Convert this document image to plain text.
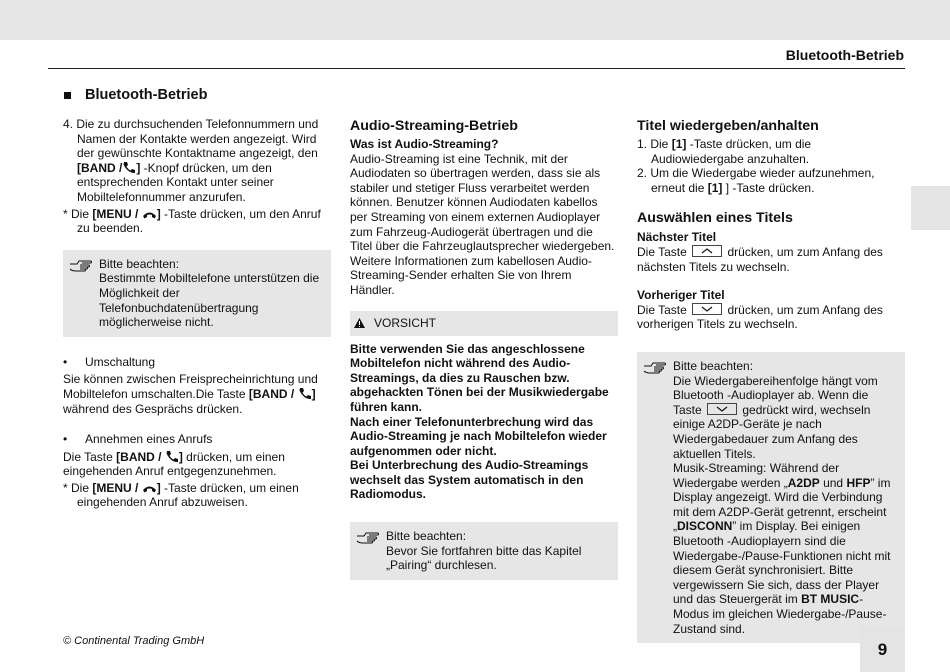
Bluetooth-Betrieb
Bluetooth-Betrieb

4. Die zu durchsuchenden Telefonnummern und Namen der Kontakte werden angezeigt. Wird der gewünschte Kontaktname angezeigt, den [BAND / ] -Knopf drücken, um den entsprechenden Kontakt unter seiner Mobiltelefonnummer anzurufen.

* Die [MENU / ] -Taste drücken, um den Anruf zu beenden.

Bitte beachten:

Bestimmte Mobiltelefone unterstützen die Möglichkeit der Telefonbuchdatenübertragung möglicherweise nicht.

• Umschaltung

Sie können zwischen Freisprecheinrichtung und Mobiltelefon umschalten.Die Taste [BAND / ] während des Gesprächs drücken.

• Annehmen eines Anrufs

Die Taste [BAND / ] drücken, um einen eingehenden Anruf entgegenzunehmen.

* Die [MENU / ] -Taste drücken, um einen eingehenden Anruf abzuweisen.

Audio-Streaming-Betrieb

Was ist Audio-Streaming?

Audio-Streaming ist eine Technik, mit der Audiodaten so übertragen werden, dass sie als stabiler und stetiger Fluss verarbeitet werden können. Benutzer können Audiodaten kabellos per Streaming von einem externen Audioplayer zum Fahrzeug-Audiogerät übertragen und die Titel über die Fahrzeuglautsprecher wiedergeben. Weitere Informationen zum kabellosen Audio-Streaming-Sender erhalten Sie von Ihrem Händler.

VORSICHT

Bitte verwenden Sie das angeschlossene Mobiltelefon nicht während des Audio-Streamings, da dies zu Rauschen bzw. abgehackten Tönen bei der Musikwiedergabe führen kann.

Nach einer Telefonunterbrechung wird das Audio-Streaming je nach Mobiltelefon wieder aufgenommen oder nicht.

Bei Unterbrechung des Audio-Streamings wechselt das System automatisch in den Radiomodus.

Bitte beachten:

Bevor Sie fortfahren bitte das Kapitel „Pairing“ durchlesen.

Titel wiedergeben/anhalten

1. Die [1] -Taste drücken, um die Audiowiedergabe anzuhalten.

2. Um die Wiedergabe wieder aufzunehmen, erneut die [1] ] -Taste drücken.

Auswählen eines Titels

Nächster Titel

Die Taste	drücken, um zum Anfang des nächsten Titels zu wechseln.

Vorheriger Titel

Die Taste	drücken, um zum Anfang des vorherigen Titels zu wechseln.

Bitte beachten:

Die Wiedergabereihenfolge hängt vom Bluetooth -Audioplayer ab. Wenn die Taste	gedrückt wird, wechseln einige A2DP-Geräte je nach Wiedergabedauer zum Anfang des aktuellen Titels.

Musik-Streaming: Während der Wiedergabe werden „A2DP und HFP” im Display angezeigt. Wird die Verbindung mit dem A2DP-Gerät getrennt, erscheint „DISCONN” im Display. Bei einigen Bluetooth -Audioplayern sind die Wiedergabe-/Pause-Funktionen nicht mit diesem Gerät synchronisiert. Bitte vergewissern Sie sich, dass der Player und das Steuergerät im BT MUSIC-Modus im gleichen Wiedergabe-/Pause-Zustand sind.

© Continental Trading GmbH	9
